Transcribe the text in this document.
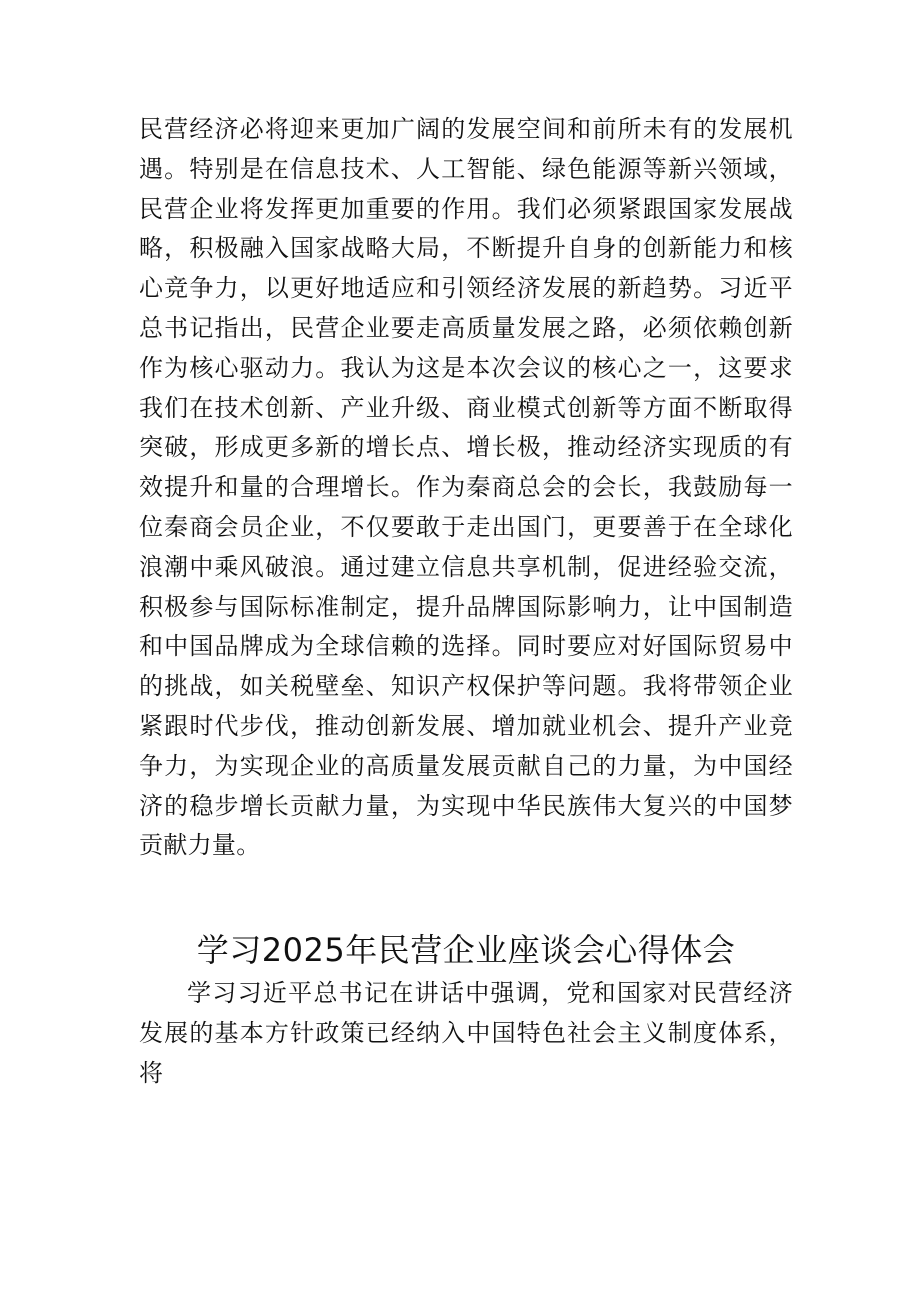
民营经济必将迎来更加广阔的发展空间和前所未有的发展机遇。特别是在信息技术、人工智能、绿色能源等新兴领域，民营企业将发挥更加重要的作用。我们必须紧跟国家发展战略，积极融入国家战略大局，不断提升自身的创新能力和核心竞争力，以更好地适应和引领经济发展的新趋势。习近平总书记指出，民营企业要走高质量发展之路，必须依赖创新作为核心驱动力。我认为这是本次会议的核心之一，这要求我们在技术创新、产业升级、商业模式创新等方面不断取得突破，形成更多新的增长点、增长极，推动经济实现质的有效提升和量的合理增长。作为秦商总会的会长，我鼓励每一位秦商会员企业，不仅要敢于走出国门，更要善于在全球化浪潮中乘风破浪。通过建立信息共享机制，促进经验交流，积极参与国际标准制定，提升品牌国际影响力，让中国制造和中国品牌成为全球信赖的选择。同时要应对好国际贸易中的挑战，如关税壁垒、知识产权保护等问题。我将带领企业紧跟时代步伐，推动创新发展、增加就业机会、提升产业竞争力，为实现企业的高质量发展贡献自己的力量，为中国经济的稳步增长贡献力量，为实现中华民族伟大复兴的中国梦贡献力量。

学习2025年民营企业座谈会心得体会

学习习近平总书记在讲话中强调，党和国家对民营经济发展的基本方针政策已经纳入中国特色社会主义制度体系，将
